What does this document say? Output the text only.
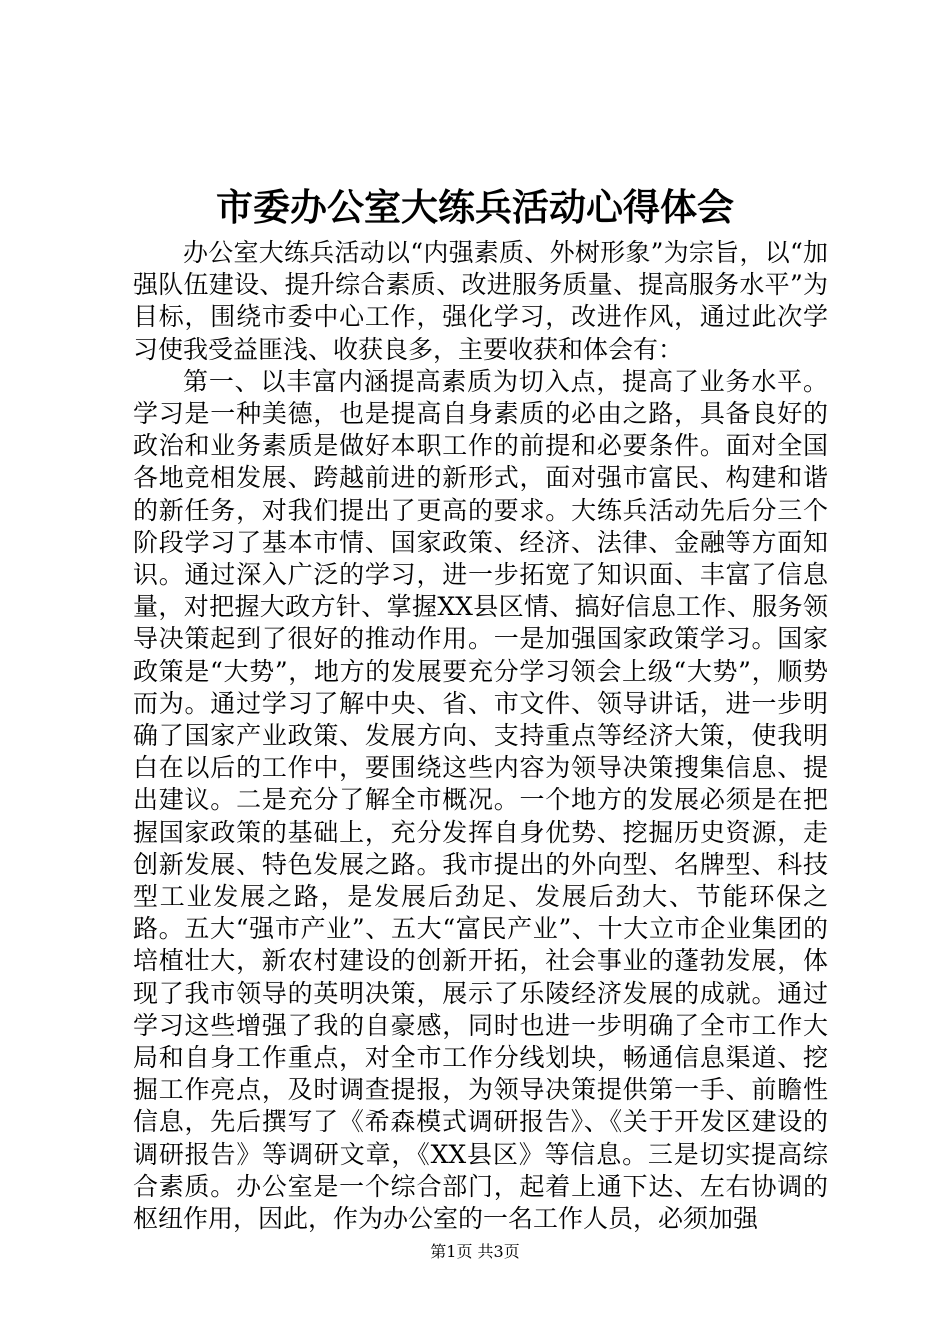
市委办公室大练兵活动心得体会

办公室大练兵活动以“内强素质、外树形象”为宗旨，以“加强队伍建设、提升综合素质、改进服务质量、提高服务水平”为目标，围绕市委中心工作，强化学习，改进作风，通过此次学习使我受益匪浅、收获良多，主要收获和体会有：

第一、以丰富内涵提高素质为切入点，提高了业务水平。学习是一种美德，也是提高自身素质的必由之路，具备良好的政治和业务素质是做好本职工作的前提和必要条件。面对全国各地竞相发展、跨越前进的新形式，面对强市富民、构建和谐的新任务，对我们提出了更高的要求。大练兵活动先后分三个阶段学习了基本市情、国家政策、经济、法律、金融等方面知识。通过深入广泛的学习，进一步拓宽了知识面、丰富了信息量，对把握大政方针、掌握XX县区情、搞好信息工作、服务领导决策起到了很好的推动作用。一是加强国家政策学习。国家政策是“大势”，地方的发展要充分学习领会上级“大势”，顺势而为。通过学习了解中央、省、市文件、领导讲话，进一步明确了国家产业政策、发展方向、支持重点等经济大策，使我明白在以后的工作中，要围绕这些内容为领导决策搜集信息、提出建议。二是充分了解全市概况。一个地方的发展必须是在把握国家政策的基础上，充分发挥自身优势、挖掘历史资源，走创新发展、特色发展之路。我市提出的外向型、名牌型、科技型工业发展之路，是发展后劲足、发展后劲大、节能环保之路。五大“强市产业”、五大“富民产业”、十大立市企业集团的培植壮大，新农村建设的创新开拓，社会事业的蓬勃发展，体现了我市领导的英明决策，展示了乐陵经济发展的成就。通过学习这些增强了我的自豪感，同时也进一步明确了全市工作大局和自身工作重点，对全市工作分线划块，畅通信息渠道、挖掘工作亮点，及时调查提报，为领导决策提供第一手、前瞻性信息，先后撰写了《希森模式调研报告》、《关于开发区建设的调研报告》等调研文章，《XX县区》等信息。三是切实提高综合素质。办公室是一个综合部门，起着上通下达、左右协调的枢纽作用，因此，作为办公室的一名工作人员，必须加强

第1页 共3页
